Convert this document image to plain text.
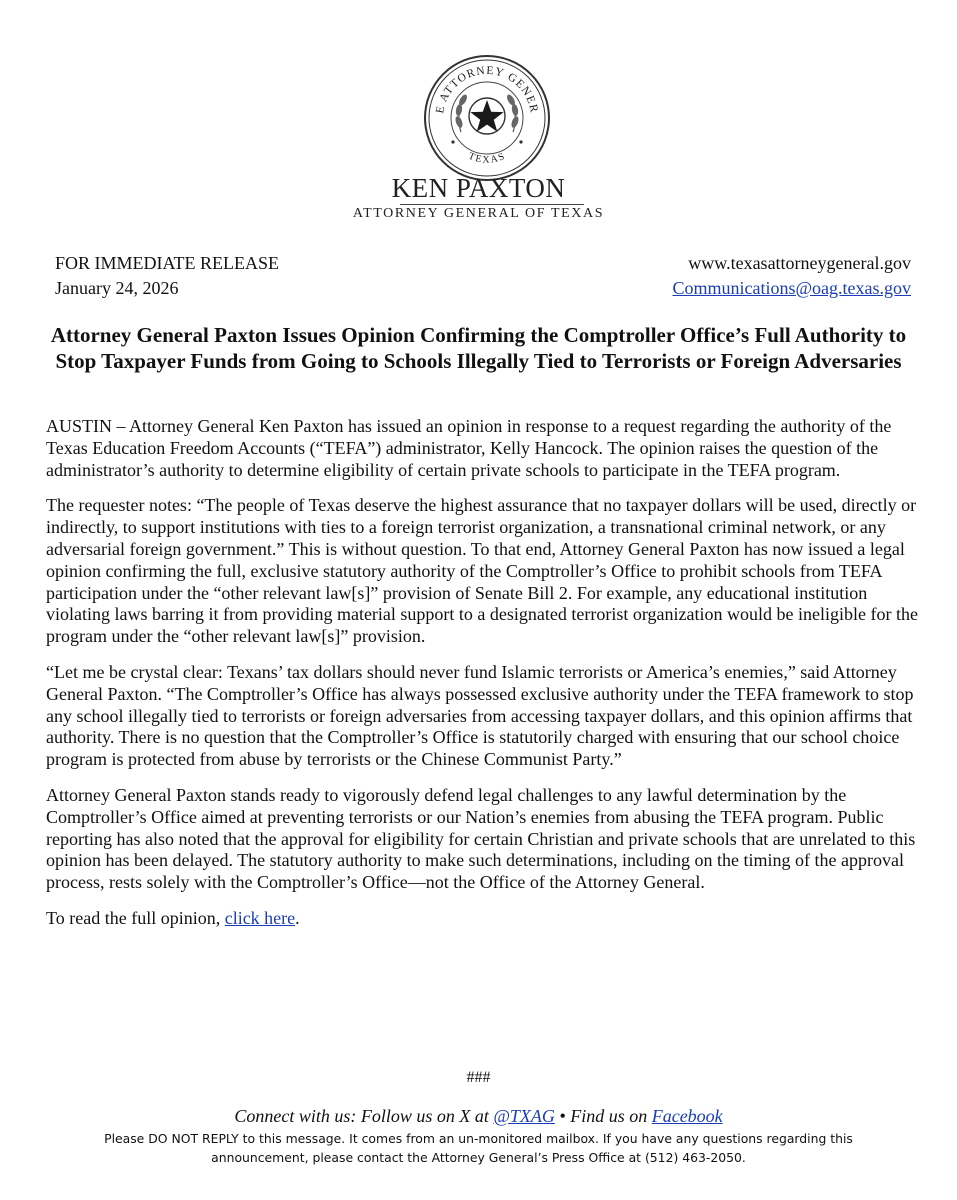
E ATTORNEY GENER
TEXAS
KEN PAXTON
ATTORNEY GENERAL OF TEXAS
FOR IMMEDIATE RELEASE
January 24, 2026
www.texasattorneygeneral.gov
Communications@oag.texas.gov
Attorney General Paxton Issues Opinion Confirming the Comptroller Office’s Full Authority to Stop Taxpayer Funds from Going to Schools Illegally Tied to Terrorists or Foreign Adversaries

AUSTIN – Attorney General Ken Paxton has issued an opinion in response to a request regarding the authority of the Texas Education Freedom Accounts (“TEFA”) administrator, Kelly Hancock. The opinion raises the question of the administrator’s authority to determine eligibility of certain private schools to participate in the TEFA program.

The requester notes: “The people of Texas deserve the highest assurance that no taxpayer dollars will be used, directly or indirectly, to support institutions with ties to a foreign terrorist organization, a transnational criminal network, or any adversarial foreign government.” This is without question. To that end, Attorney General Paxton has now issued a legal opinion confirming the full, exclusive statutory authority of the Comptroller’s Office to prohibit schools from TEFA participation under the “other relevant law[s]” provision of Senate Bill 2. For example, any educational institution violating laws barring it from providing material support to a designated terrorist organization would be ineligible for the program under the “other relevant law[s]” provision.

“Let me be crystal clear: Texans’ tax dollars should never fund Islamic terrorists or America’s enemies,” said Attorney General Paxton. “The Comptroller’s Office has always possessed exclusive authority under the TEFA framework to stop any school illegally tied to terrorists or foreign adversaries from accessing taxpayer dollars, and this opinion affirms that authority. There is no question that the Comptroller’s Office is statutorily charged with ensuring that our school choice program is protected from abuse by terrorists or the Chinese Communist Party.”

Attorney General Paxton stands ready to vigorously defend legal challenges to any lawful determination by the Comptroller’s Office aimed at preventing terrorists or our Nation’s enemies from abusing the TEFA program. Public reporting has also noted that the approval for eligibility for certain Christian and private schools that are unrelated to this opinion has been delayed. The statutory authority to make such determinations, including on the timing of the approval process, rests solely with the Comptroller’s Office—not the Office of the Attorney General.

To read the full opinion, click here.

###
Connect with us: Follow us on X at @TXAG • Find us on Facebook
Please DO NOT REPLY to this message. It comes from an un-monitored mailbox. If you have any questions regarding this announcement, please contact the Attorney General’s Press Office at (512) 463-2050.
